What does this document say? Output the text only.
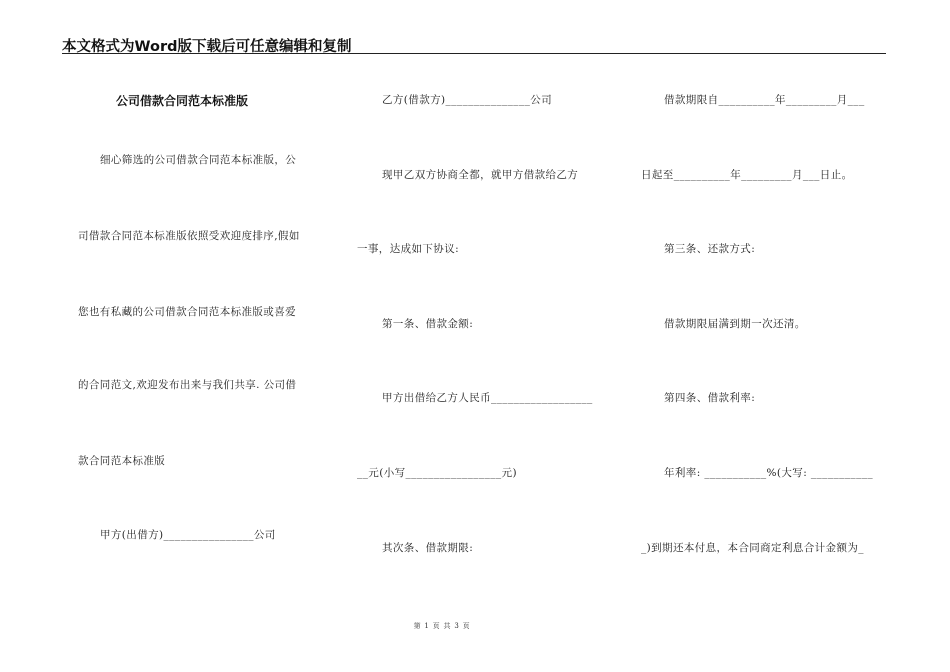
本文格式为Word版下载后可任意编辑和复制
公司借款合同范本标准版
细心筛选的公司借款合同范本标准版，公
司借款合同范本标准版依照受欢迎度排序,假如
您也有私藏的公司借款合同范本标准版或喜爱
的合同范文,欢迎发布出来与我们共享. 公司借
款合同范本标准版
甲方(出借方)________________公司
乙方(借款方)_______________公司
现甲乙双方协商全都，就甲方借款给乙方
一事，达成如下协议:
第一条、借款金额:
甲方出借给乙方人民币__________________
__元(小写_________________元)
其次条、借款期限:
借款期限自__________年_________月___
日起至__________年_________月___日止。
第三条、还款方式:
借款期限届满到期一次还清。
第四条、借款利率:
年利率: ___________%(大写: ___________
_)到期还本付息，本合同商定利息合计金额为_
第 1 页 共 3 页
